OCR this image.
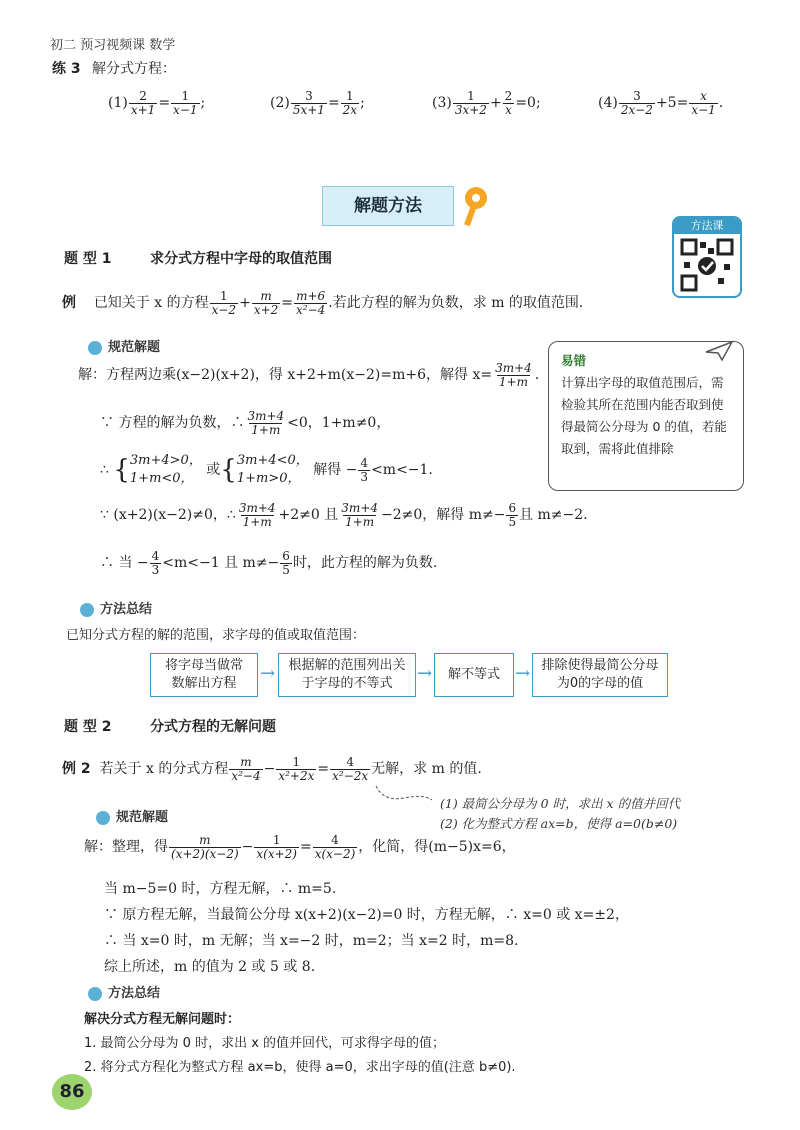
初二 预习视频课 数学
练 3 解分式方程：
$(1) \frac{2}{x+1} = \frac{1}{x-1}$ ;	$(2) \frac{3}{5x+1} = \frac{1}{2x}$ ;	$(3) \frac{1}{3x+2} + \frac{2}{x} =0$;	$(4) \frac{3}{2x-2} +5= \frac{x}{x-1}$ .
解题方法
方法课
题 型 1	求分式方程中字母的取值范围
例 已知关于 x 的方程 $\frac{1}{x-2} + \frac{m}{x+2} = \frac{m+6}{\text{x²−4}}$ .若此方程的解为负数，求 m 的取值范围.
规范解题
解：方程两边乘(x−2)(x+2)，得 x+2+m(x−2)=m+6，解得 $x= \frac{3m+4}{1+m}$ .
∵ 方程的解为负数，∴ $\frac{3m+4}{1+m} <0$，1+m≠0，
∴ { 3m+4>0，
1+m<0，
或{ 3m+4<0，
1+m>0，
解得 − $\frac{4}{3} <m<-1$.
∵ (x+2)(x−2)≠0，∴ $\frac{3m+4}{1+m} +2\ne 0$ 且 $\frac{3m+4}{1+m} -2\ne 0$，解得 $m\ne- \frac{6}{5}$ 且 m≠−2.
∴ 当 − $\frac{4}{3} <m<-1$ 且 $m\ne- \frac{6}{5}$ 时，此方程的解为负数.
易错
计算出字母的取值范围后，需检验其所在范围内能否取到使得最简公分母为 0 的值，若能取到，需将此值排除
方法总结
已知分式方程的解的范围，求字母的值或取值范围：
将字母当做常数解出方程	→	根据解的范围列出关于字母的不等式	→	解不等式 → 排除使得最简公分母为0的字母的值
题 型 2	分式方程的无解问题
例 2 若关于 x 的分式方程 $\frac{m}{\text{x²−4}} - \frac{1}{\text{x²+2x}} = \frac{4}{\text{x²−2x}}$ 无解，求 m 的值.
(1) 最简公分母为 0 时，求出 x 的值并回代
(2) 化为整式方程 ax=b，使得 a=0(b≠0)
规范解题
解：整理，得 $\frac{m}{(x+2)(x-2)} - \frac{1}{x(x+2)} = \frac{4}{x(x-2)}$ ，化简，得(m−5)x=6，
当 m−5=0 时，方程无解，∴ m=5.
∵ 原方程无解，当最简公分母 x(x+2)(x−2)=0 时，方程无解，∴ x=0 或 x=±2，
∴ 当 x=0 时，m 无解；当 x=−2 时，m=2；当 x=2 时，m=8.
综上所述，m 的值为 2 或 5 或 8.
方法总结
解决分式方程无解问题时：
1. 最简公分母为 0 时，求出 x 的值并回代，可求得字母的值；
2. 将分式方程化为整式方程 ax=b，使得 a=0，求出字母的值(注意 b≠0).
86
